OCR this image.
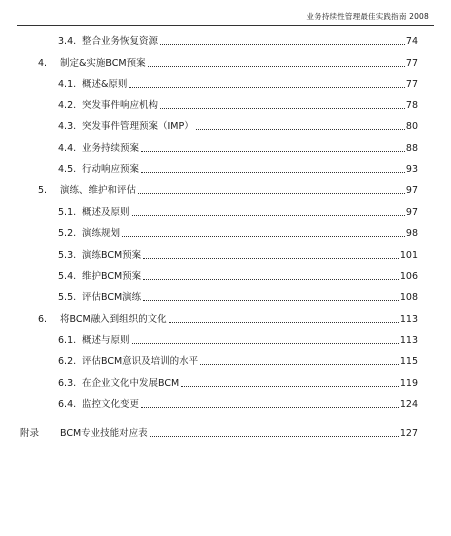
业务持续性管理最佳实践指南 2008
3.4. 整合业务恢复资源	74
4.	制定&实施BCM预案	77
4.1. 概述&原则	77
4.2. 突发事件响应机构	78
4.3. 突发事件管理预案（IMP）	80
4.4. 业务持续预案	88
4.5. 行动响应预案	93
5.	演练、维护和评估	97
5.1. 概述及原则	97
5.2. 演练规划	98
5.3. 演练BCM预案	101
5.4. 维护BCM预案	106
5.5. 评估BCM演练	108
6.	将BCM融入到组织的文化	113
6.1. 概述与原则	113
6.2. 评估BCM意识及培训的水平	115
6.3. 在企业文化中发展BCM	119
6.4. 监控文化变更	124
附录	BCM专业技能对应表	127
